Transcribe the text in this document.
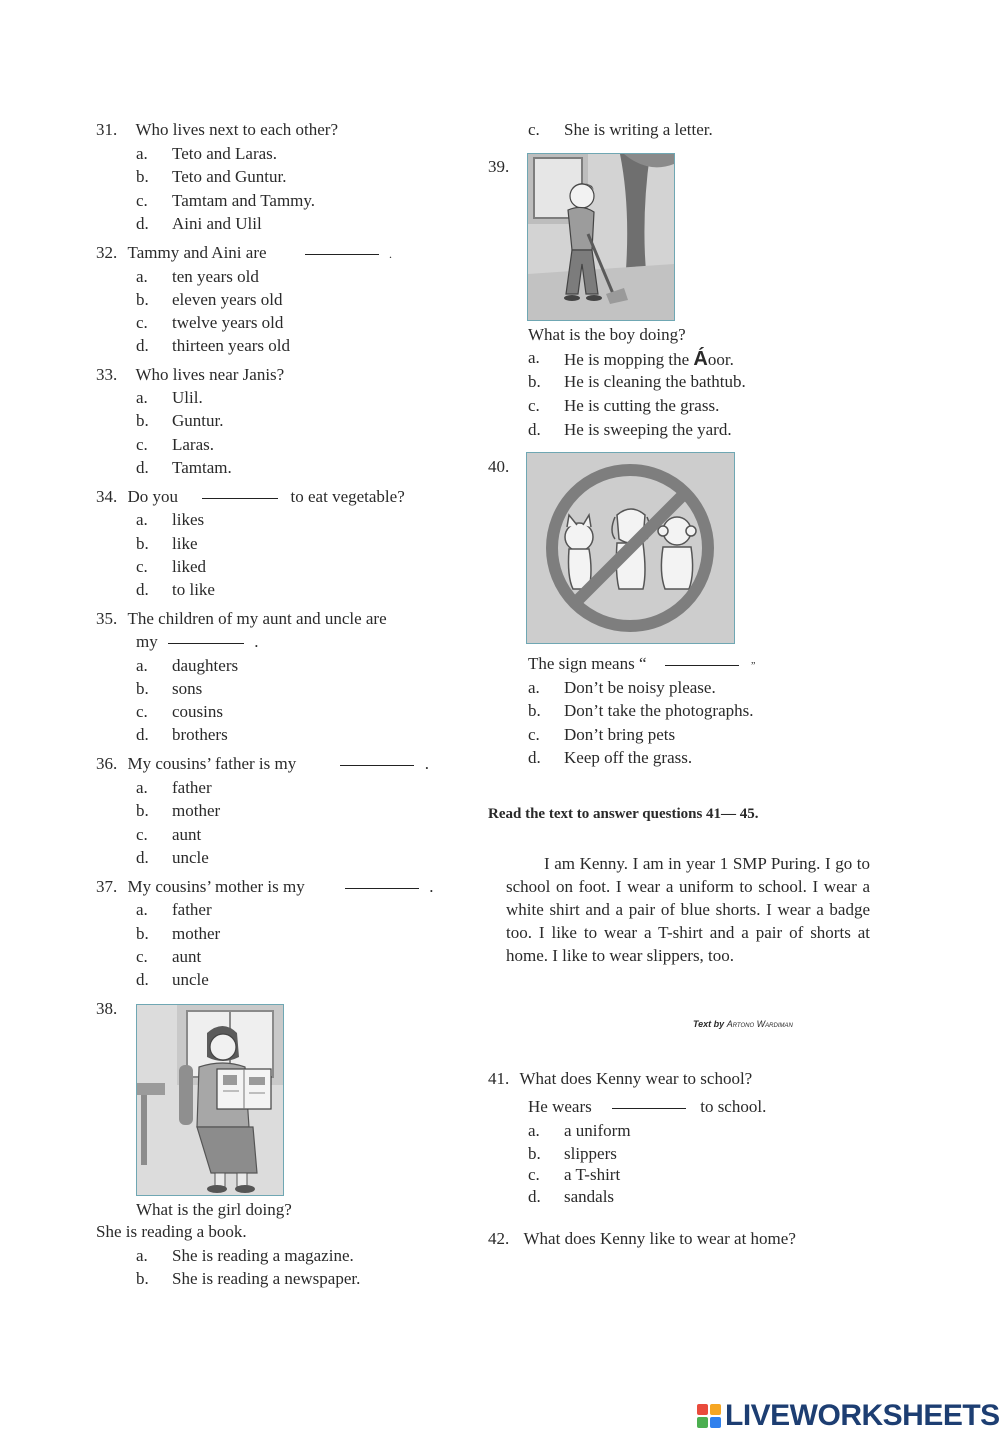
31. Who lives next to each other?
a. Teto and Laras.
b. Teto and Guntur.
c. Tamtam and Tammy.
d. Aini and Ulil
32. Tammy and Aini are	.
a. ten years old
b. eleven years old
c. twelve years old
d. thirteen years old
33. Who lives near Janis?
a. Ulil.
b. Guntur.
c. Laras.
d. Tamtam.
34. Do you	to eat vegetable?
a. likes
b. like
c. liked
d. to like
35. The children of my aunt and uncle are
my	.
a. daughters
b. sons
c. cousins
d. brothers
36. My cousins’ father is my	.
a. father
b. mother
c. aunt
d. uncle
37. My cousins’ mother is my	.
a. father
b. mother
c. aunt
d. uncle
38.
What is the girl doing?
She is reading a book.
a. She is reading a magazine.
b. She is reading a newspaper.
c. She is writing a letter.
39.
What is the boy doing?
a. He is mopping the Áoor.
b. He is cleaning the bathtub.
c. He is cutting the grass.
d. He is sweeping the yard.
40.
The sign means “	”
a. Don’t be noisy please.
b. Don’t take the photographs.
c. Don’t bring pets
d. Keep off the grass.
Read the text to answer questions 41— 45.
I am Kenny. I am in year 1 SMP Puring. I go to school on foot. I wear a uniform to school. I wear a white shirt and a pair of blue shorts. I wear a badge too. I like to wear a T-shirt and a pair of shorts at home. I like to wear slippers, too.
Text by Artono Wardiman
41. What does Kenny wear to school?
He wears	to school.
a. a uniform
b. slippers
c. a T-shirt
d. sandals
42. What does Kenny like to wear at home?
LIVEWORKSHEETS
